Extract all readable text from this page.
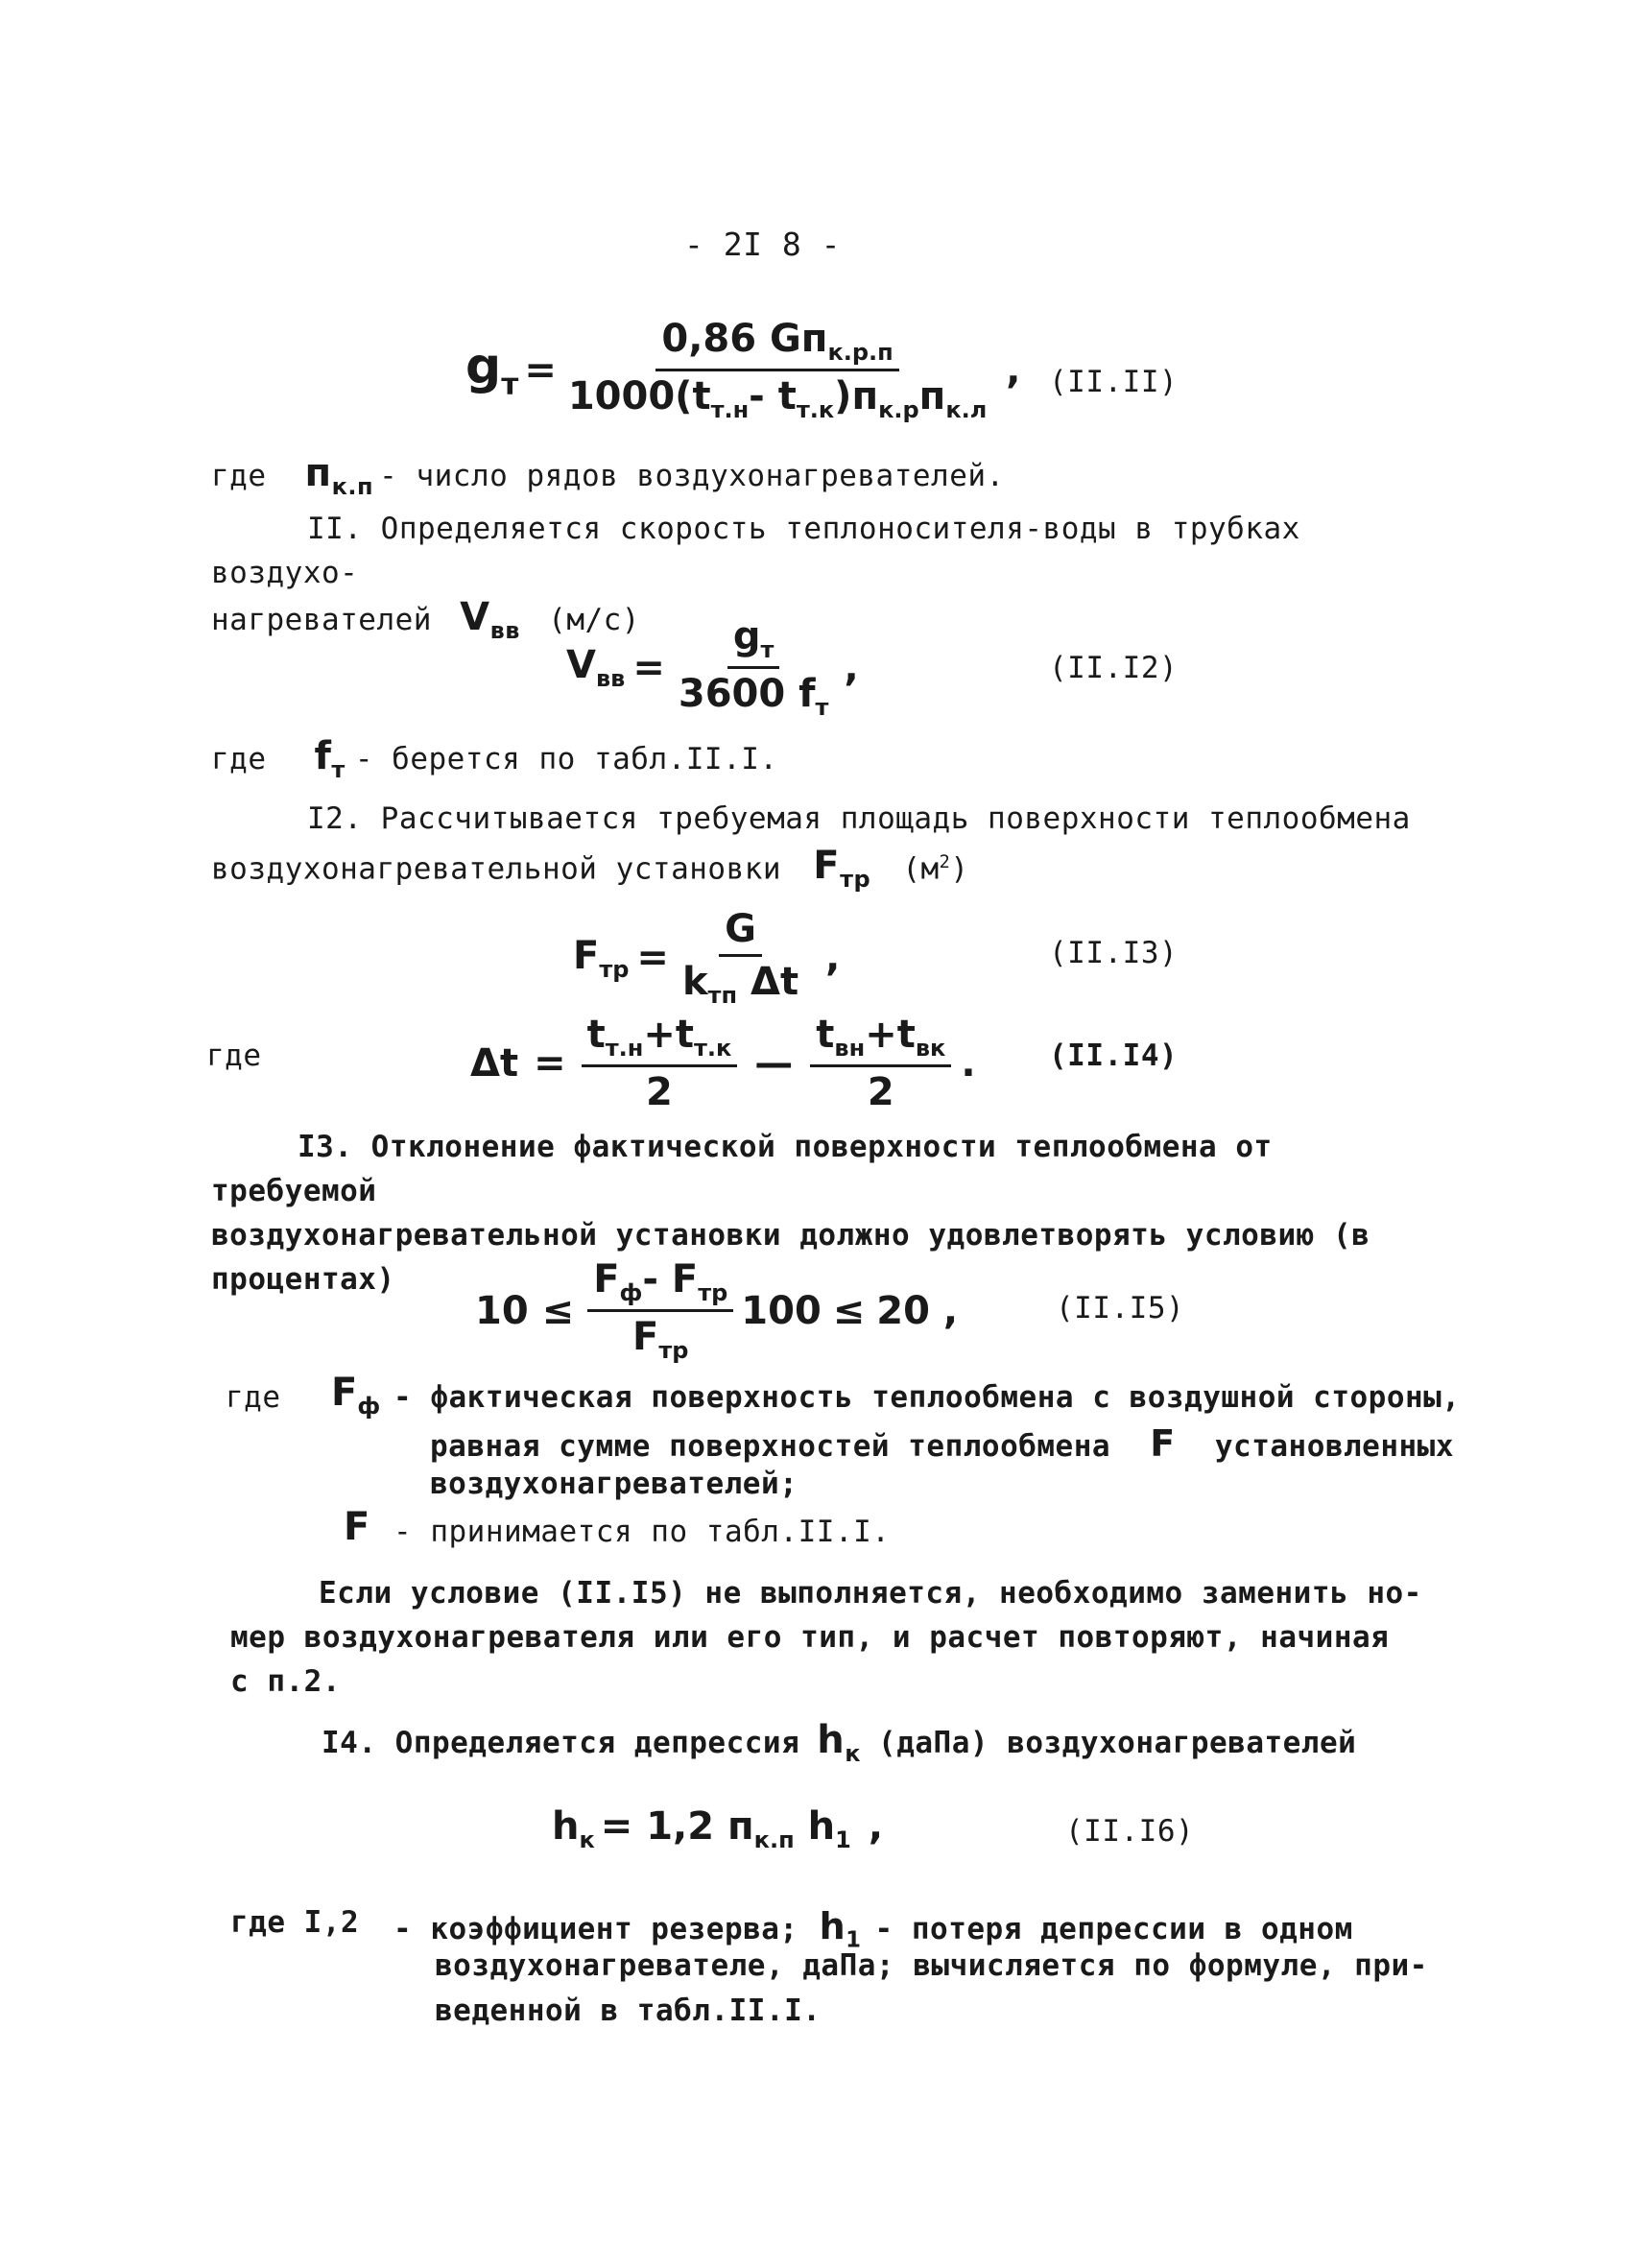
- 2I 8 -
$g_т = \frac{0,86 Gп_{к.р.п}}{1000(t_{т.н}- t_{т.к})п_{к.р}п_{к.л}}$ , (II.II)
где $п_{к.п}$ - число рядов воздухонагревателей.
II. Определяется скорость теплоносителя-воды в трубках воздухо-
нагревателей $V_{вв}$ (м/с)
$V_{вв} = \frac{g_т}{3600 f_т}$ ,	(II.I2)
где $f_т$ - берется по табл.II.I.
I2. Рассчитывается требуемая площадь поверхности теплообмена
воздухонагревательной установки $F_{тр}$ $(м^2)$
$F_{тр} = \frac{G}{k_{тп} \Delta t}$ ,	(II.I3)
где	$\Delta t = \frac{t_{т.н}+t_{т.к}}{2}$ — $\frac{t_{вн}+t_{вк}}{2}$ . (II.I4)
I3. Отклонение фактической поверхности теплообмена от требуемой
воздухонагревательной установки должно удовлетворять условию (в
процентах)
$10 \le \frac{F_ф- F_{тр}}{F_{тр}} 100 \le 20$ ,	(II.I5)
где $F_ф$ - фактическая поверхность теплообмена с воздушной стороны,
равная сумме поверхностей теплообмена F установленных
воздухонагревателей;
F - принимается по табл.II.I.
Если условие (II.I5) не выполняется, необходимо заменить но-
мер воздухонагревателя или его тип, и расчет повторяют, начиная
с п.2.
I4. Определяется депрессия $h_к$ (даПа) воздухонагревателей
$h_к = 1,2$ $п_{к.п}$ $h_1$ ,	(II.I6)
где I,2 - коэффициент резерва; $h_1$ - потеря депрессии в одном
воздухонагревателе, даПа; вычисляется по формуле, при-
веденной в табл.II.I.
